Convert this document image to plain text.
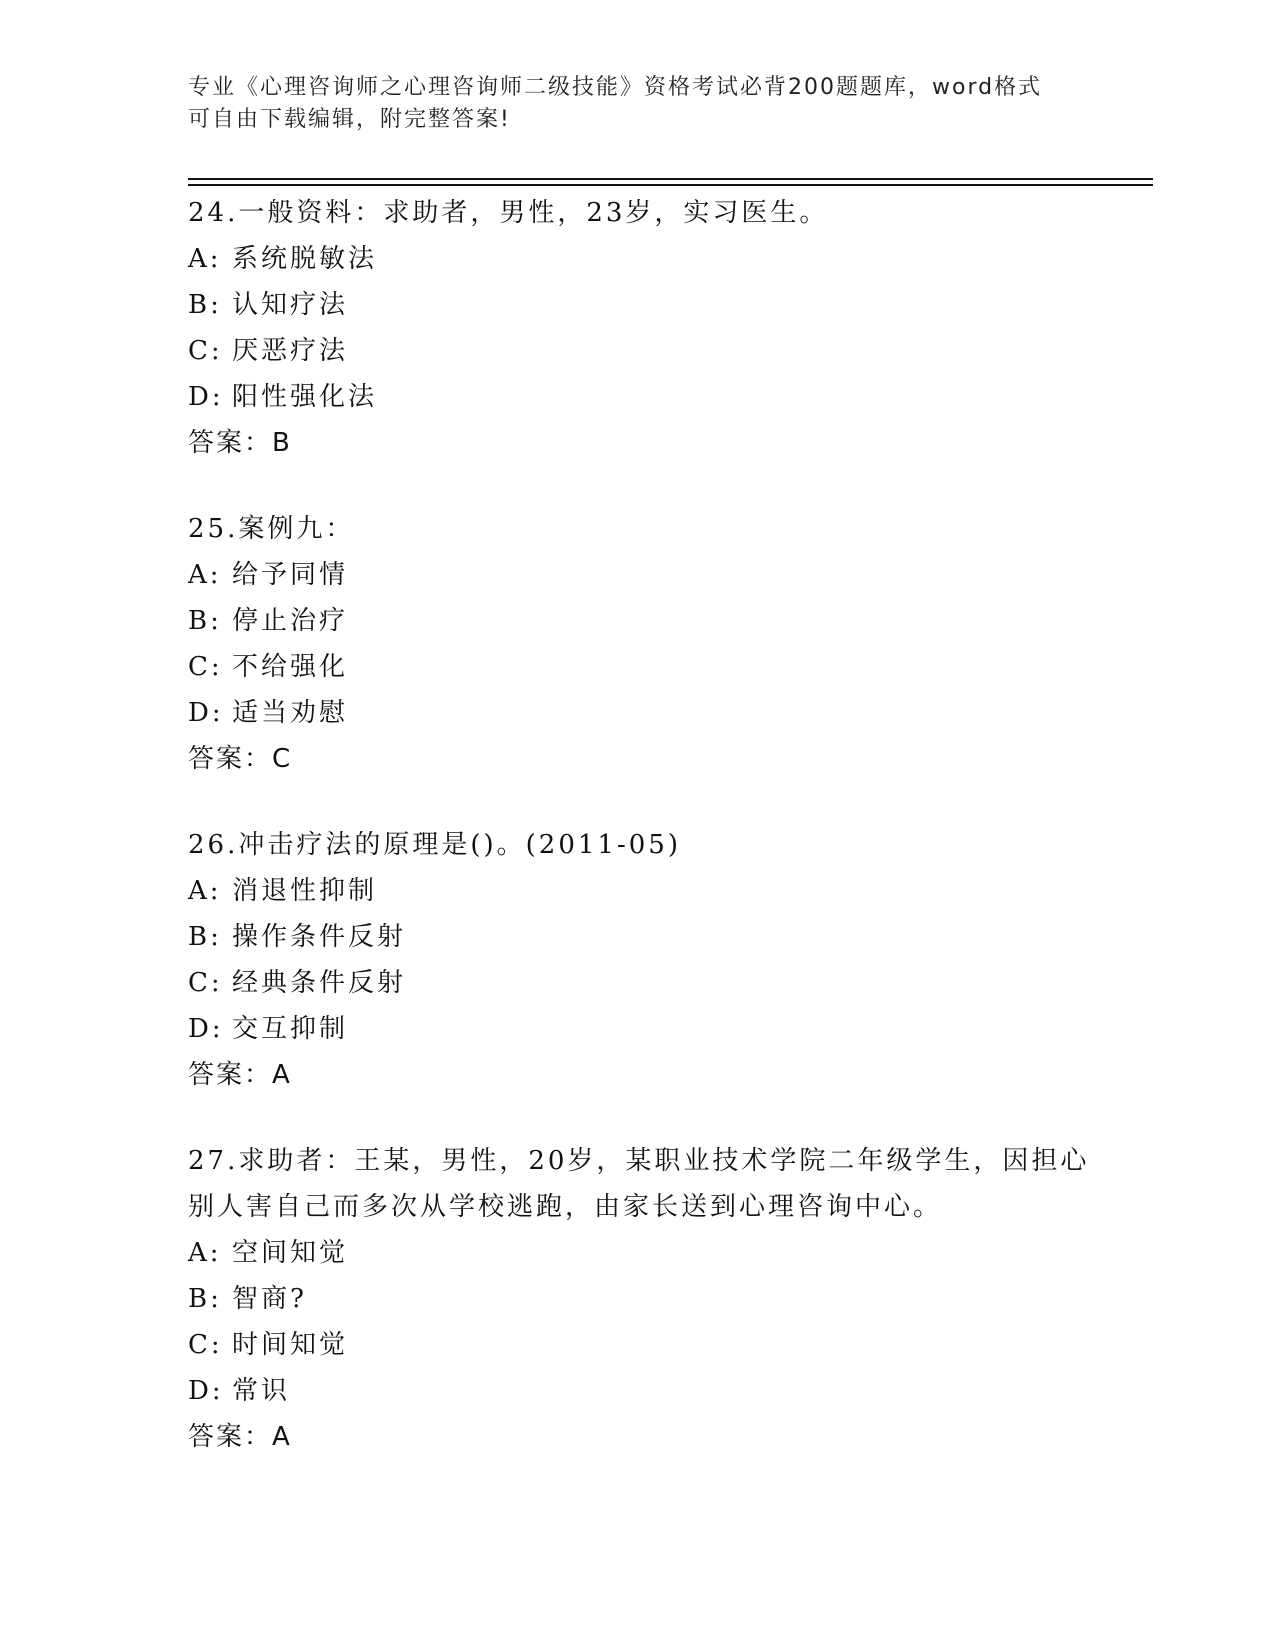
专业《心理咨询师之心理咨询师二级技能》资格考试必背200题题库，word格式
可自由下载编辑，附完整答案!
24.一般资料：求助者，男性，23岁，实习医生。
A: 系统脱敏法
B: 认知疗法
C: 厌恶疗法
D: 阳性强化法
答案：B
25.案例九：
A: 给予同情
B: 停止治疗
C: 不给强化
D: 适当劝慰
答案：C
26.冲击疗法的原理是()。(2011-05)
A: 消退性抑制
B: 操作条件反射
C: 经典条件反射
D: 交互抑制
答案：A
27.求助者：王某，男性，20岁，某职业技术学院二年级学生，因担心
别人害自己而多次从学校逃跑，由家长送到心理咨询中心。
A: 空间知觉
B: 智商?
C: 时间知觉
D: 常识
答案：A
